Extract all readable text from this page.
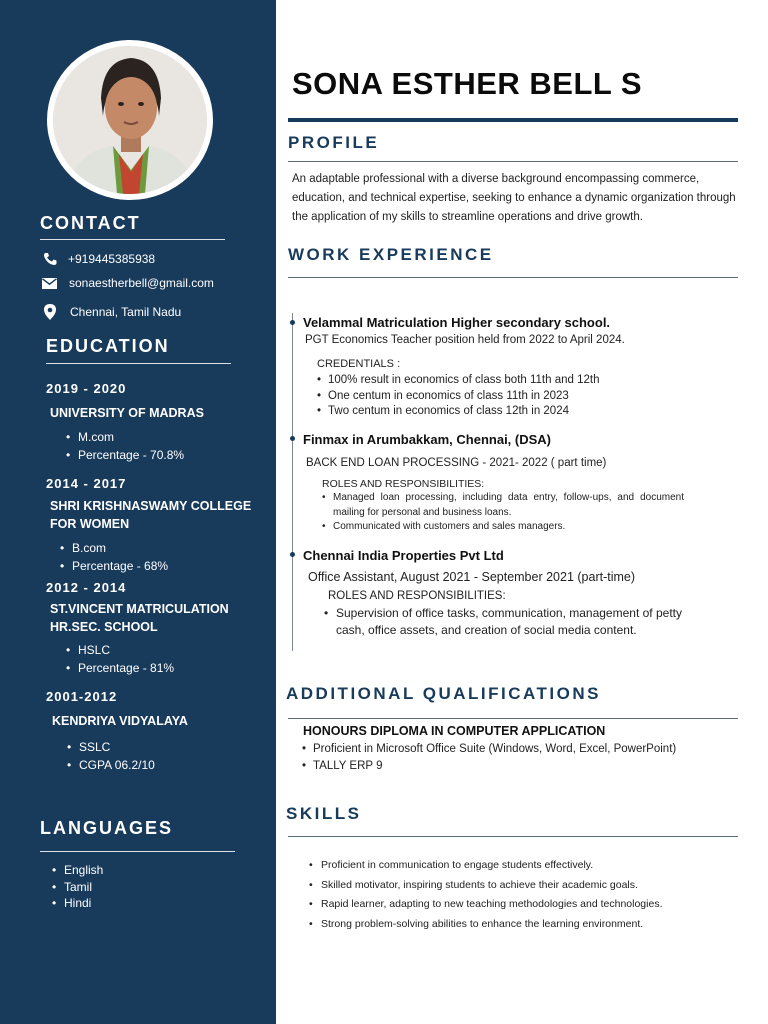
CONTACT
+919445385938
sonaestherbell@gmail.com
Chennai, Tamil Nadu
EDUCATION
2019 - 2020
UNIVERSITY OF MADRAS
• M.com
• Percentage - 70.8%
2014 - 2017
SHRI KRISHNASWAMY COLLEGE FOR WOMEN
• B.com
• Percentage - 68%
2012 - 2014
ST.VINCENT MATRICULATION HR.SEC. SCHOOL
• HSLC
• Percentage - 81%
2001-2012
KENDRIYA VIDYALAYA
• SSLC
• CGPA 06.2/10
LANGUAGES
• English
• Tamil
• Hindi
SONA ESTHER BELL S
PROFILE
An adaptable professional with a diverse background encompassing commerce, education, and technical expertise, seeking to enhance a dynamic organization through the application of my skills to streamline operations and drive growth.
WORK EXPERIENCE
Velammal Matriculation Higher secondary school.
PGT Economics Teacher position held from 2022 to April 2024.
CREDENTIALS :
• 100% result in economics of class both 11th and 12th
• One centum in economics of class 11th in 2023
• Two centum in economics of class 12th in 2024
Finmax in Arumbakkam, Chennai, (DSA)
BACK END LOAN PROCESSING - 2021- 2022 ( part time)
ROLES AND RESPONSIBILITIES:
• Managed loan processing, including data entry, follow-ups, and document mailing for personal and business loans.
• Communicated with customers and sales managers.
Chennai India Properties Pvt Ltd
Office Assistant, August 2021 - September 2021 (part-time)
ROLES AND RESPONSIBILITIES:
• Supervision of office tasks, communication, management of petty cash, office assets, and creation of social media content.
ADDITIONAL QUALIFICATIONS
HONOURS DIPLOMA IN COMPUTER APPLICATION
• Proficient in Microsoft Office Suite (Windows, Word, Excel, PowerPoint)
• TALLY ERP 9
SKILLS
• Proficient in communication to engage students effectively.
• Skilled motivator, inspiring students to achieve their academic goals.
• Rapid learner, adapting to new teaching methodologies and technologies.
• Strong problem-solving abilities to enhance the learning environment.
